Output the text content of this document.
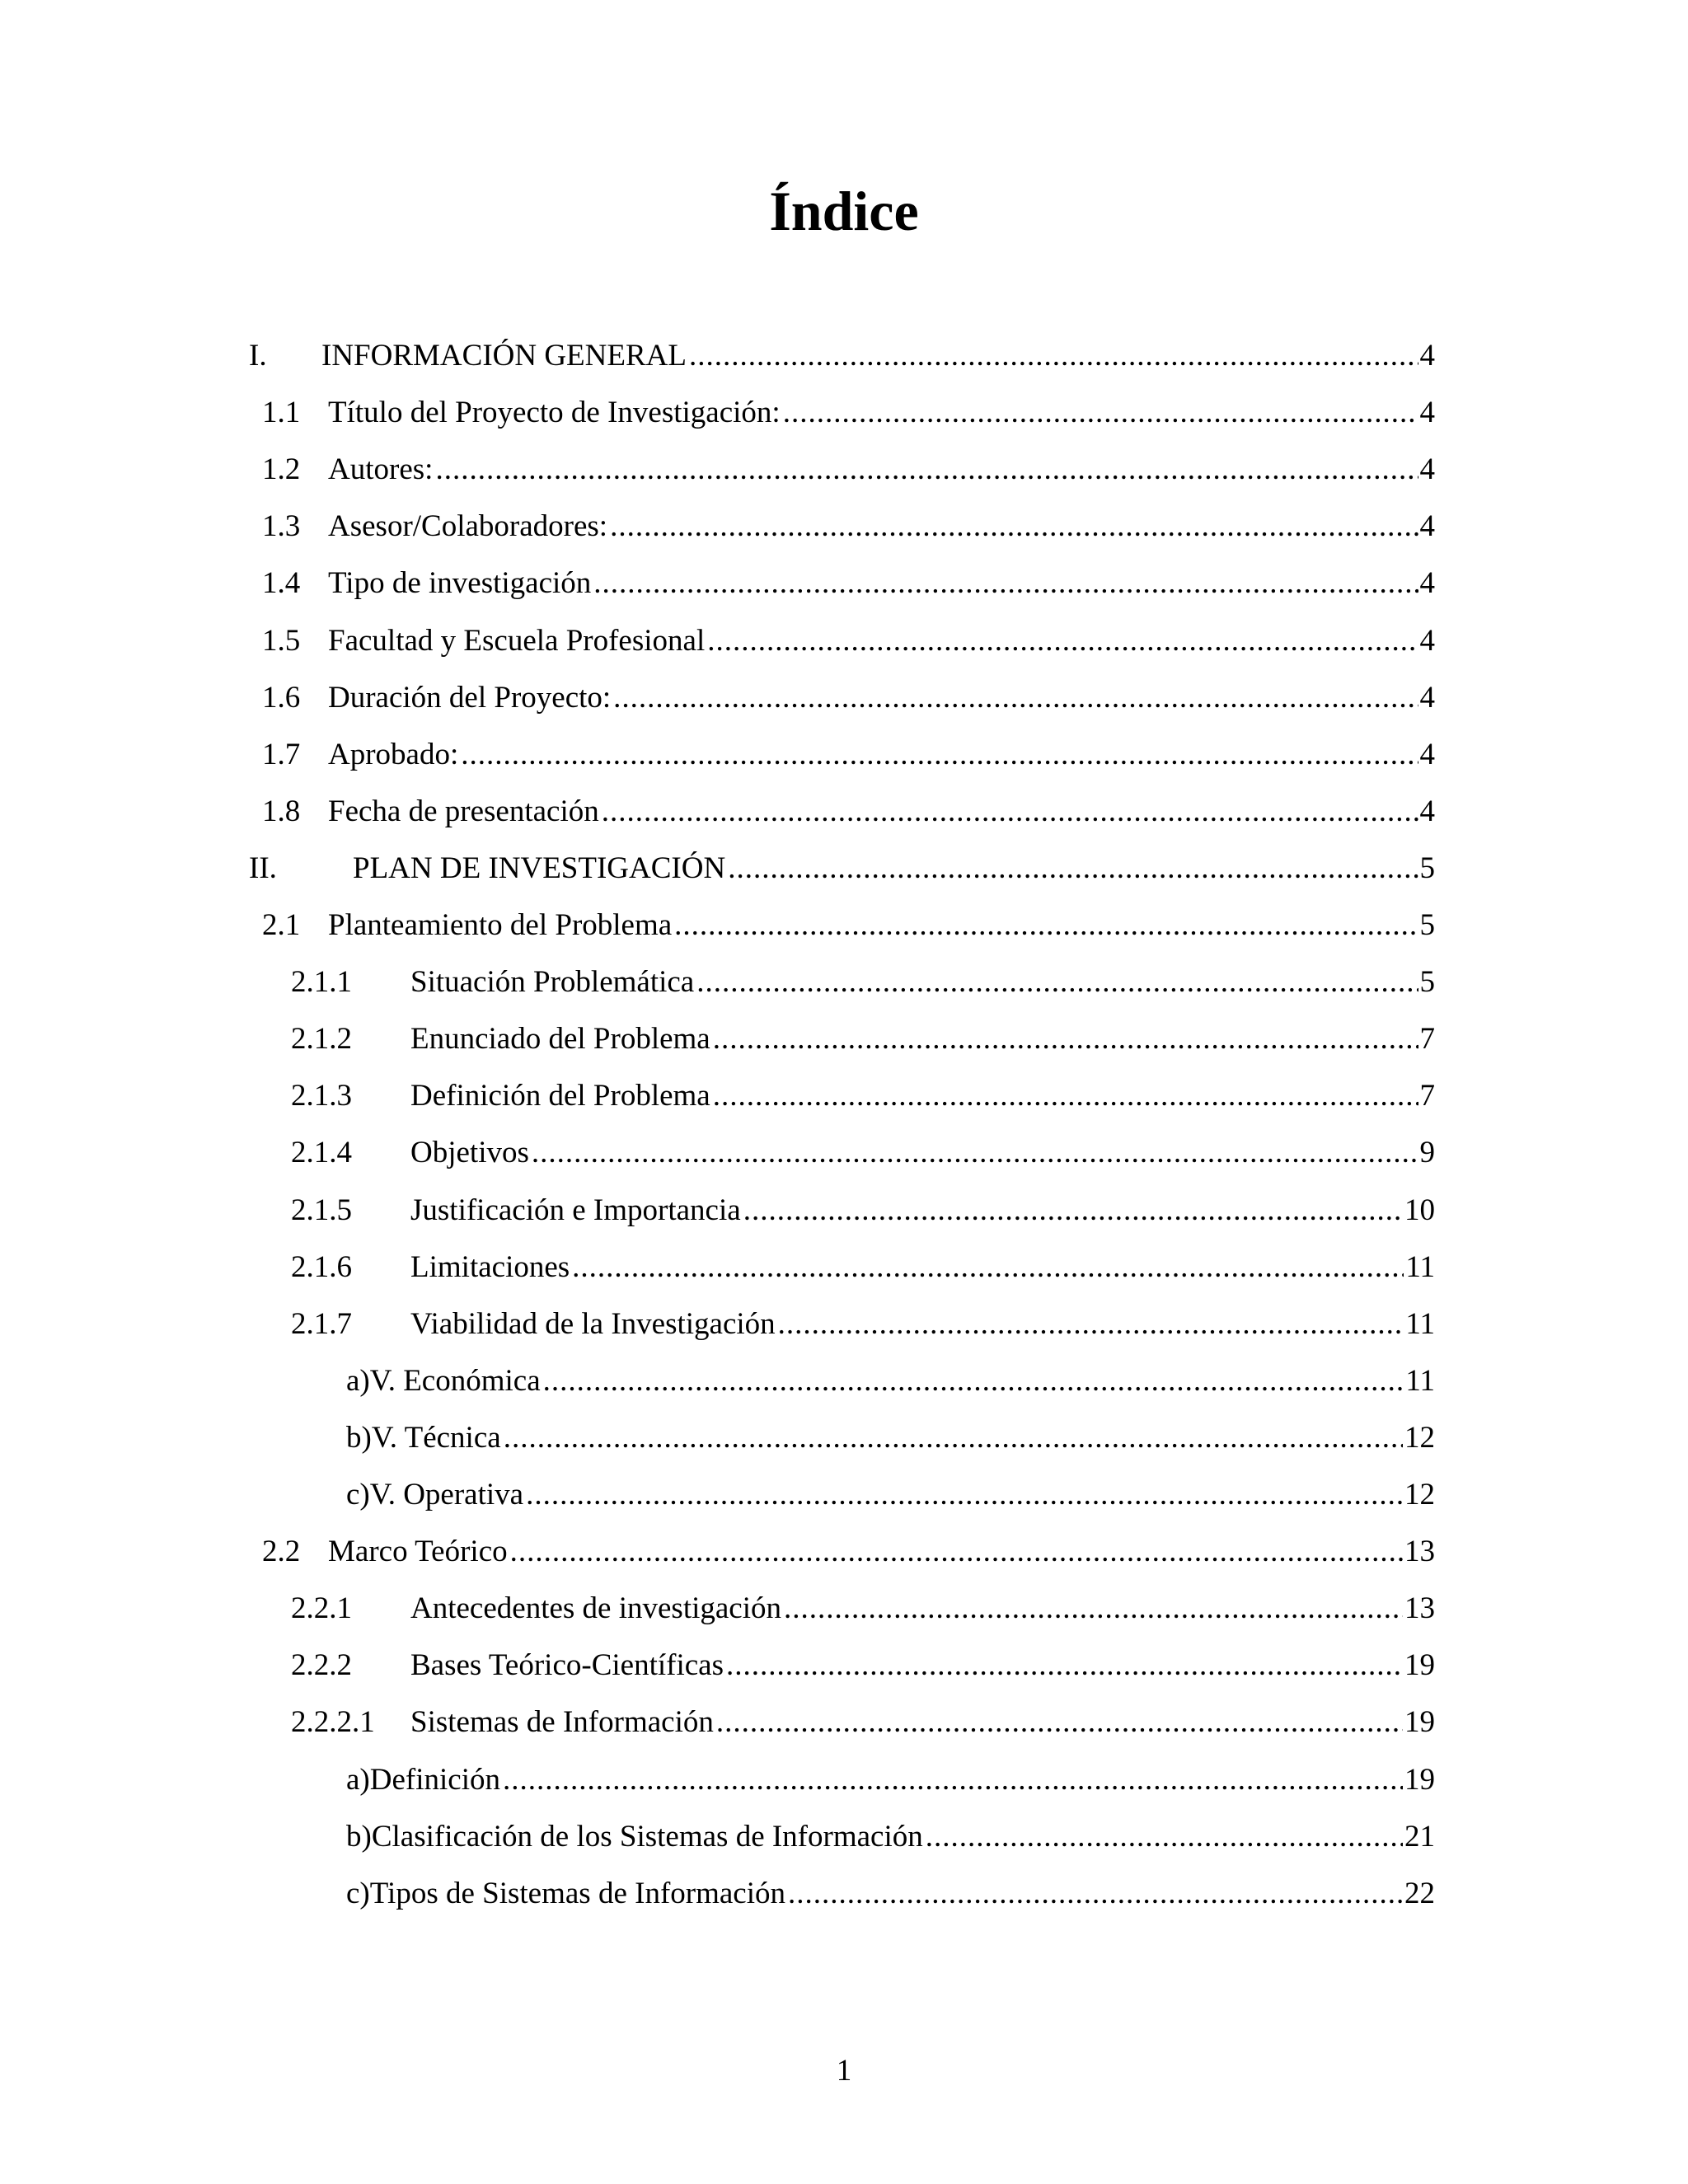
Índice
I. INFORMACIÓN GENERAL .....	4
1.1 Título del Proyecto de Investigación: .....	4
1.2 Autores: .....	4
1.3 Asesor/Colaboradores: .....	4
1.4 Tipo de investigación .....	4
1.5 Facultad y Escuela Profesional .....	4
1.6 Duración del Proyecto: .....	4
1.7 Aprobado: .....	4
1.8 Fecha de presentación .....	4
II. PLAN DE INVESTIGACIÓN .....	5
2.1 Planteamiento del Problema .....	5
2.1.1 Situación Problemática .....	5
2.1.2 Enunciado del Problema .....	7
2.1.3 Definición del Problema .....	7
2.1.4 Objetivos .....	9
2.1.5 Justificación e Importancia .....	10
2.1.6 Limitaciones .....	11
2.1.7 Viabilidad de la Investigación .....	11
a)V. Económica .....	11
b)V. Técnica .....	12
c)V. Operativa .....	12
2.2 Marco Teórico .....	13
2.2.1 Antecedentes de investigación .....	13
2.2.2 Bases Teórico-Científicas .....	19
2.2.2.1 Sistemas de Información .....	19
a)Definición .....	19
b)Clasificación de los Sistemas de Información .....	21
c)Tipos de Sistemas de Información .....	22
1
